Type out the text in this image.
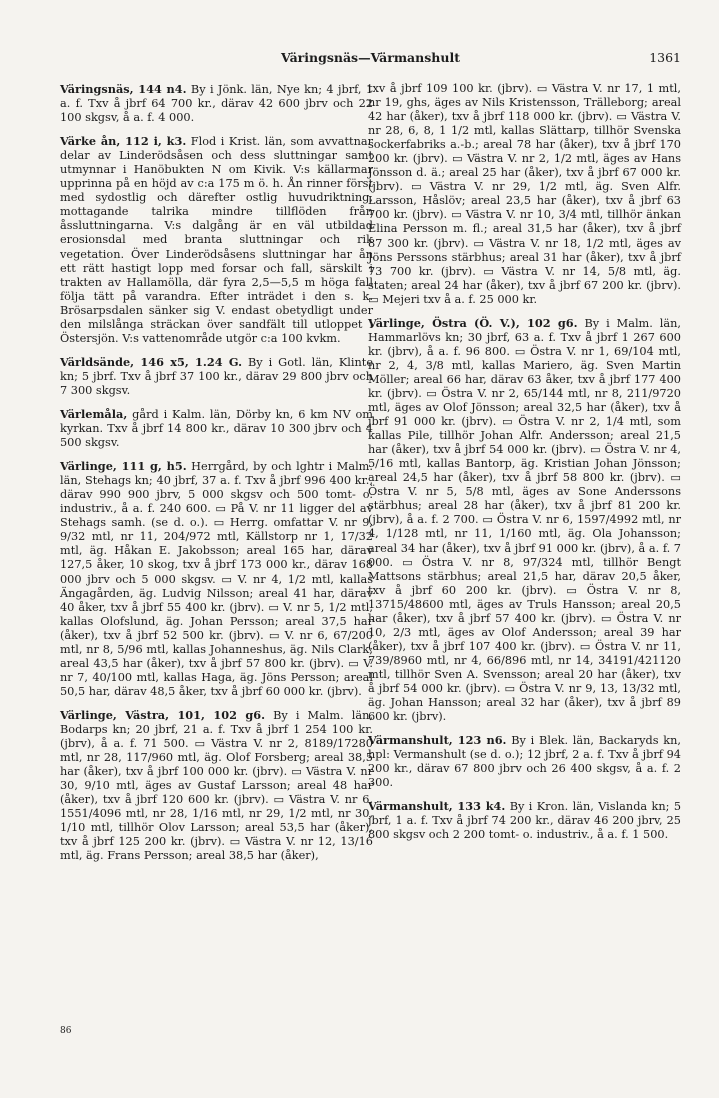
Väringsnäs—Värmanshult	1361

Väringsnäs, 144 n4. By i Jönk. län, Nye kn; 4 jbrf, 1 a. f. Txv å jbrf 64 700 kr., därav 42 600 jbrv och 22 100 skgsv, å a. f. 4 000.

Värke ån, 112 i, k3. Flod i Krist. län, som avvattnar delar av Linderödsåsen och dess sluttningar samt utmynnar i Hanöbukten N om Kivik. V:s källarmar upprinna på en höjd av c:a 175 m ö. h. Ån rinner först med sydostlig och därefter ostlig huvudriktning, mottagande talrika mindre tillflöden från åssluttningarna. V:s dalgång är en väl utbildad erosionsdal med branta sluttningar och rik vegetation. Över Linderödsåsens sluttningar har ån ett rätt hastigt lopp med forsar och fall, särskilt i trakten av Hallamölla, där fyra 2,5—5,5 m höga fall följa tätt på varandra. Efter inträdet i den s. k. Brösarpsdalen sänker sig V. endast obetydligt under den milslånga sträckan över sandfält till utloppet i Östersjön. V:s vattenområde utgör c:a 100 kvkm.

Världsände, 146 x5, 1.24 G. By i Gotl. län, Klinte kn; 5 jbrf. Txv å jbrf 37 100 kr., därav 29 800 jbrv och 7 300 skgsv.

Värlemåla, gård i Kalm. län, Dörby kn, 6 km NV om kyrkan. Txv å jbrf 14 800 kr., därav 10 300 jbrv och 4 500 skgsv.

Värlinge, 111 g, h5. Herrgård, by och lghtr i Malm. län, Stehags kn; 40 jbrf, 37 a. f. Txv å jbrf 996 400 kr., därav 990 900 jbrv, 5 000 skgsv och 500 tomt- o. industriv., å a. f. 240 600. ▭ På V. nr 11 ligger del av Stehags samh. (se d. o.). ▭ Herrg. omfattar V. nr 9, 9/32 mtl, nr 11, 204/972 mtl, Källstorp nr 1, 17/32 mtl, äg. Håkan E. Jakobsson; areal 165 har, därav 127,5 åker, 10 skog, txv å jbrf 173 000 kr., därav 168 000 jbrv och 5 000 skgsv. ▭ V. nr 4, 1/2 mtl, kallas Ängagården, äg. Ludvig Nilsson; areal 41 har, därav 40 åker, txv å jbrf 55 400 kr. (jbrv). ▭ V. nr 5, 1/2 mtl, kallas Olofslund, äg. Johan Persson; areal 37,5 har (åker), txv å jbrf 52 500 kr. (jbrv). ▭ V. nr 6, 67/200 mtl, nr 8, 5/96 mtl, kallas Johanneshus, äg. Nils Clark; areal 43,5 har (åker), txv å jbrf 57 800 kr. (jbrv). ▭ V. nr 7, 40/100 mtl, kallas Haga, äg. Jöns Persson; areal 50,5 har, därav 48,5 åker, txv å jbrf 60 000 kr. (jbrv).

Värlinge, Västra, 101, 102 g6. By i Malm. län, Bodarps kn; 20 jbrf, 21 a. f. Txv å jbrf 1 254 100 kr. (jbrv), å a. f. 71 500. ▭ Västra V. nr 2, 8189/17280 mtl, nr 28, 117/960 mtl, äg. Olof Forsberg; areal 38,5 har (åker), txv å jbrf 100 000 kr. (jbrv). ▭ Västra V. nr 30, 9/10 mtl, äges av Gustaf Larsson; areal 48 har (åker), txv å jbrf 120 600 kr. (jbrv). ▭ Västra V. nr 6, 1551/4096 mtl, nr 28, 1/16 mtl, nr 29, 1/2 mtl, nr 30, 1/10 mtl, tillhör Olov Larsson; areal 53,5 har (åker), txv å jbrf 125 200 kr. (jbrv). ▭ Västra V. nr 12, 13/16 mtl, äg. Frans Persson; areal 38,5 har (åker),

txv å jbrf 109 100 kr. (jbrv). ▭ Västra V. nr 17, 1 mtl, nr 19, ghs, äges av Nils Kristensson, Trälleborg; areal 42 har (åker), txv å jbrf 118 000 kr. (jbrv). ▭ Västra V. nr 28, 6, 8, 1 1/2 mtl, kallas Slättarp, tillhör Svenska sockerfabriks a.-b.; areal 78 har (åker), txv å jbrf 170 200 kr. (jbrv). ▭ Västra V. nr 2, 1/2 mtl, äges av Hans Jönsson d. ä.; areal 25 har (åker), txv å jbrf 67 000 kr. (jbrv). ▭ Västra V. nr 29, 1/2 mtl, äg. Sven Alfr. Larsson, Håslöv; areal 23,5 har (åker), txv å jbrf 63 700 kr. (jbrv). ▭ Västra V. nr 10, 3/4 mtl, tillhör änkan Elina Persson m. fl.; areal 31,5 har (åker), txv å jbrf 87 300 kr. (jbrv). ▭ Västra V. nr 18, 1/2 mtl, äges av Jöns Perssons stärbhus; areal 31 har (åker), txv å jbrf 73 700 kr. (jbrv). ▭ Västra V. nr 14, 5/8 mtl, äg. staten; areal 24 har (åker), txv å jbrf 67 200 kr. (jbrv). ▭ Mejeri txv å a. f. 25 000 kr.

Värlinge, Östra (Ö. V.), 102 g6. By i Malm. län, Hammarlövs kn; 30 jbrf, 63 a. f. Txv å jbrf 1 267 600 kr. (jbrv), å a. f. 96 800. ▭ Östra V. nr 1, 69/104 mtl, nr 2, 4, 3/8 mtl, kallas Mariero, äg. Sven Martin Möller; areal 66 har, därav 63 åker, txv å jbrf 177 400 kr. (jbrv). ▭ Östra V. nr 2, 65/144 mtl, nr 8, 211/9720 mtl, äges av Olof Jönsson; areal 32,5 har (åker), txv å jbrf 91 000 kr. (jbrv). ▭ Östra V. nr 2, 1/4 mtl, som kallas Pile, tillhör Johan Alfr. Andersson; areal 21,5 har (åker), txv å jbrf 54 000 kr. (jbrv). ▭ Östra V. nr 4, 5/16 mtl, kallas Bantorp, äg. Kristian Johan Jönsson; areal 24,5 har (åker), txv å jbrf 58 800 kr. (jbrv). ▭ Östra V. nr 5, 5/8 mtl, äges av Sone Anderssons stärbhus; areal 28 har (åker), txv å jbrf 81 200 kr. (jbrv), å a. f. 2 700. ▭ Östra V. nr 6, 1597/4992 mtl, nr 4, 1/128 mtl, nr 11, 1/160 mtl, äg. Ola Johansson; areal 34 har (åker), txv å jbrf 91 000 kr. (jbrv), å a. f. 7 000. ▭ Östra V. nr 8, 97/324 mtl, tillhör Bengt Mattsons stärbhus; areal 21,5 har, därav 20,5 åker, txv å jbrf 60 200 kr. (jbrv). ▭ Östra V. nr 8, 13715/48600 mtl, äges av Truls Hansson; areal 20,5 har (åker), txv å jbrf 57 400 kr. (jbrv). ▭ Östra V. nr 10, 2/3 mtl, äges av Olof Andersson; areal 39 har (åker), txv å jbrf 107 400 kr. (jbrv). ▭ Östra V. nr 11, 739/8960 mtl, nr 4, 66/896 mtl, nr 14, 34191/421120 mtl, tillhör Sven A. Svensson; areal 20 har (åker), txv å jbrf 54 000 kr. (jbrv). ▭ Östra V. nr 9, 13, 13/32 mtl, äg. Johan Hansson; areal 32 har (åker), txv å jbrf 89 600 kr. (jbrv).

Värmanshult, 123 n6. By i Blek. län, Backaryds kn, hpl: Vermanshult (se d. o.); 12 jbrf, 2 a. f. Txv å jbrf 94 200 kr., därav 67 800 jbrv och 26 400 skgsv, å a. f. 2 300.

Värmanshult, 133 k4. By i Kron. län, Vislanda kn; 5 jbrf, 1 a. f. Txv å jbrf 74 200 kr., därav 46 200 jbrv, 25 800 skgsv och 2 200 tomt- o. industriv., å a. f. 1 500.

86
